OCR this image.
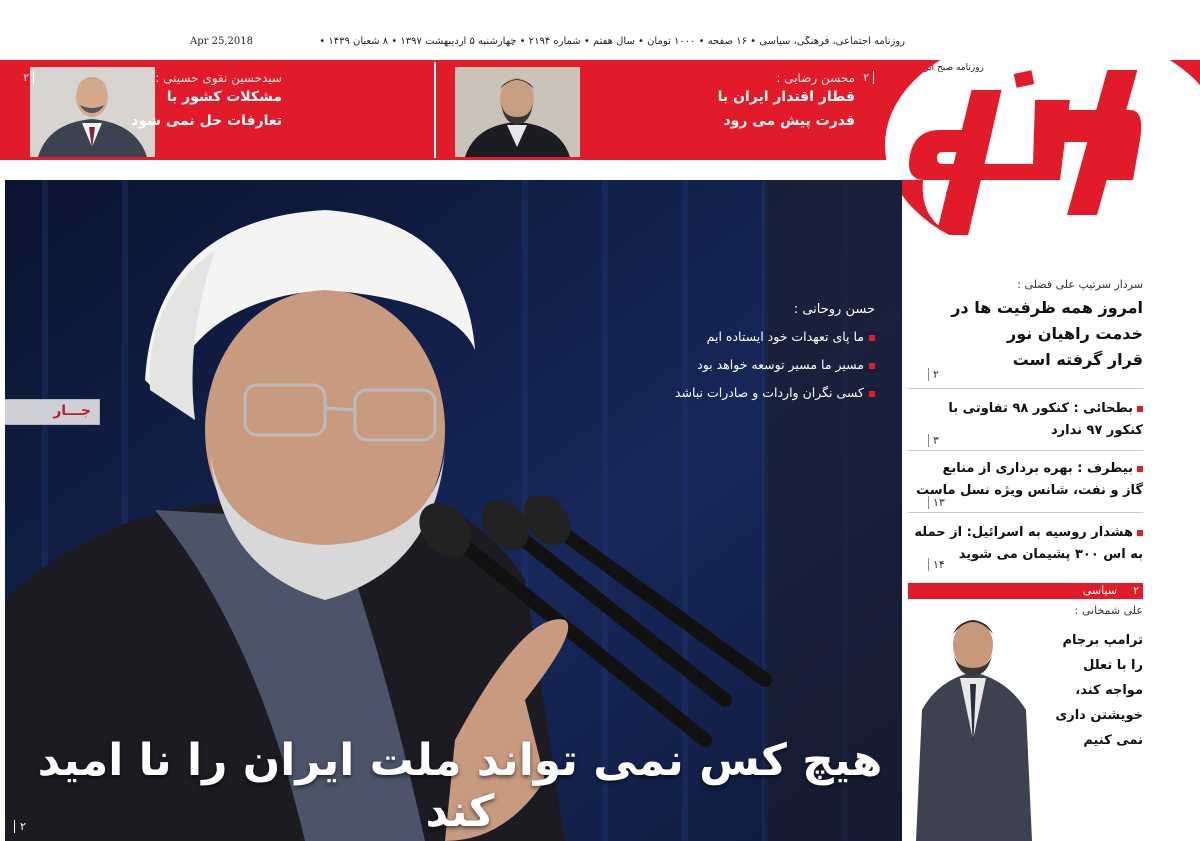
Apr 25,2018	روزنامه اجتماعی، فرهنگی، سیاسی • ۱۶ صفحه • ۱۰۰۰ تومان • سال هفتم • شماره ۲۱۹۴ • چهارشنبه ۵ اردیبهشت ۱۳۹۷ • ۸ شعبان ۱۴۳۹ •
محسن رضایی :
قطار اقتدار ایران با
قدرت پیش می رود
۲
سیدحسین نقوی حسینی :
مشکلات کشور با
تعارفات حل نمی شود
۲
روزنامه صبح ایران
جـــار
حسن روحانی :
ما پای تعهدات خود ایستاده ایم
مسیر ما مسیر توسعه خواهد بود
کسی نگران واردات و صادرات نباشد
هیچ کس نمی تواند ملت ایران را نا امید کند
۲
سردار سرتیپ علی فضلی :
امروز همه ظرفیت ها در
خدمت راهیان نور
قرار گرفته است
۲
بطحائی : کنکور ۹۸ تفاوتی با
کنکور ۹۷ ندارد
۳
بیطرف : بهره برداری از منابع
گاز و نفت، شانس ویژه نسل ماست
۱۳
هشدار روسیه به اسرائیل: از حمله
به اس ۳۰۰ پشیمان می شوید
۱۴
۲
سیاسی
علی شمخانی :
ترامپ برجام
را با تعلل
مواجه کند،
خویشتن داری
نمی کنیم
